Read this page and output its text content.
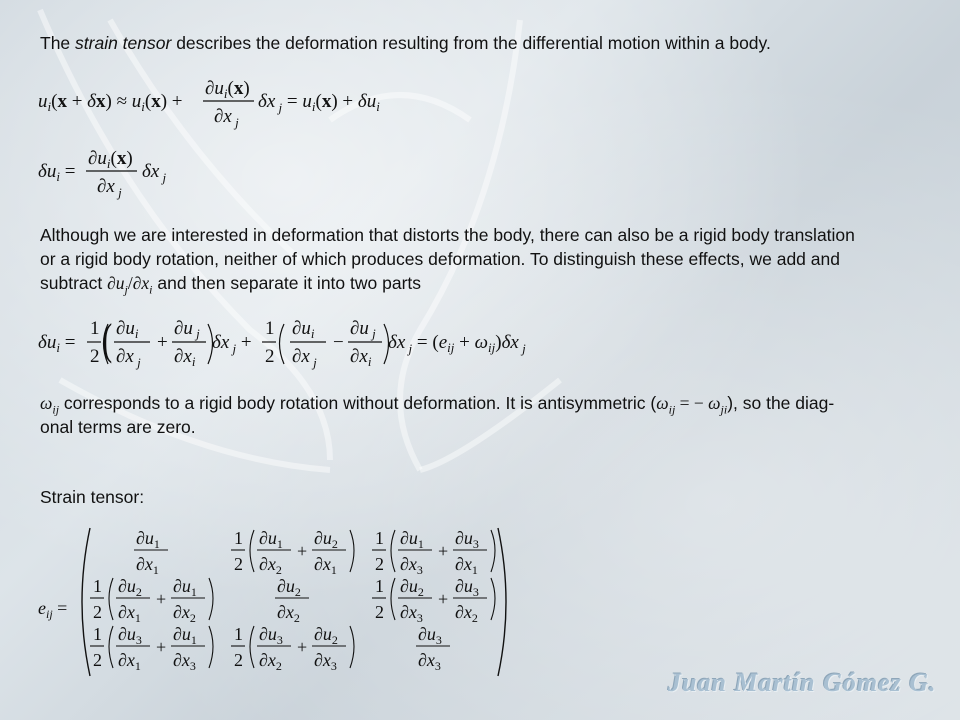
The strain tensor describes the deformation resulting from the differential motion within a body.
$u_i(x + \delta x) \approx u_i(x)$ +
$\partial u_i(x)$
∂x $_j$
δx $_j = u_i(x) + \delta u_i$
$\delta u_i$ =
$\partial u_i(x)$
∂x $_j$
δx $_j$
Although we are interested in deformation that distorts the body, there can also be a rigid body translation
or a rigid body rotation, neither of which produces deformation. To distinguish these effects, we add and
subtract $\partial u_j/\partial x_i$ and then separate it into two parts
$\delta u_i$ =
1
2 ( $\partial u_i$
∂x $_j$
+
∂u $_j$
$\partial x_i$
δx $_j$ +
1
2
$\partial u_i$
∂x $_j$
−
∂u $_j$
$\partial x_i$
δx $_j = (e_{ij} + \omega_{ij})\delta x$ $_j$
$\omega_{ij}$ corresponds to a rigid body rotation without deformation. It is antisymmetric ($\omega_{ij}$ = − $\omega_{ji}$), so the diag-
onal terms are zero.
Strain tensor:
$e_{ij}$ =
$\partial u_1$
$\partial x_1$
1
2
$\partial u_1$
$\partial x_2$
+
$\partial u_2$
$\partial x_1$
1
2
$\partial u_1$
$\partial x_3$
+
$\partial u_3$
$\partial x_1$
1
2
$\partial u_2$
$\partial x_1$
+
$\partial u_1$
$\partial x_2$
$\partial u_2$
$\partial x_2$
1
2
$\partial u_2$
$\partial x_3$
+
$\partial u_3$
$\partial x_2$
1
2
$\partial u_3$
$\partial x_1$
+
$\partial u_1$
$\partial x_3$
1
2
$\partial u_3$
$\partial x_2$
+
$\partial u_2$
$\partial x_3$
$\partial u_3$
$\partial x_3$
Juan Martín Gómez G.
